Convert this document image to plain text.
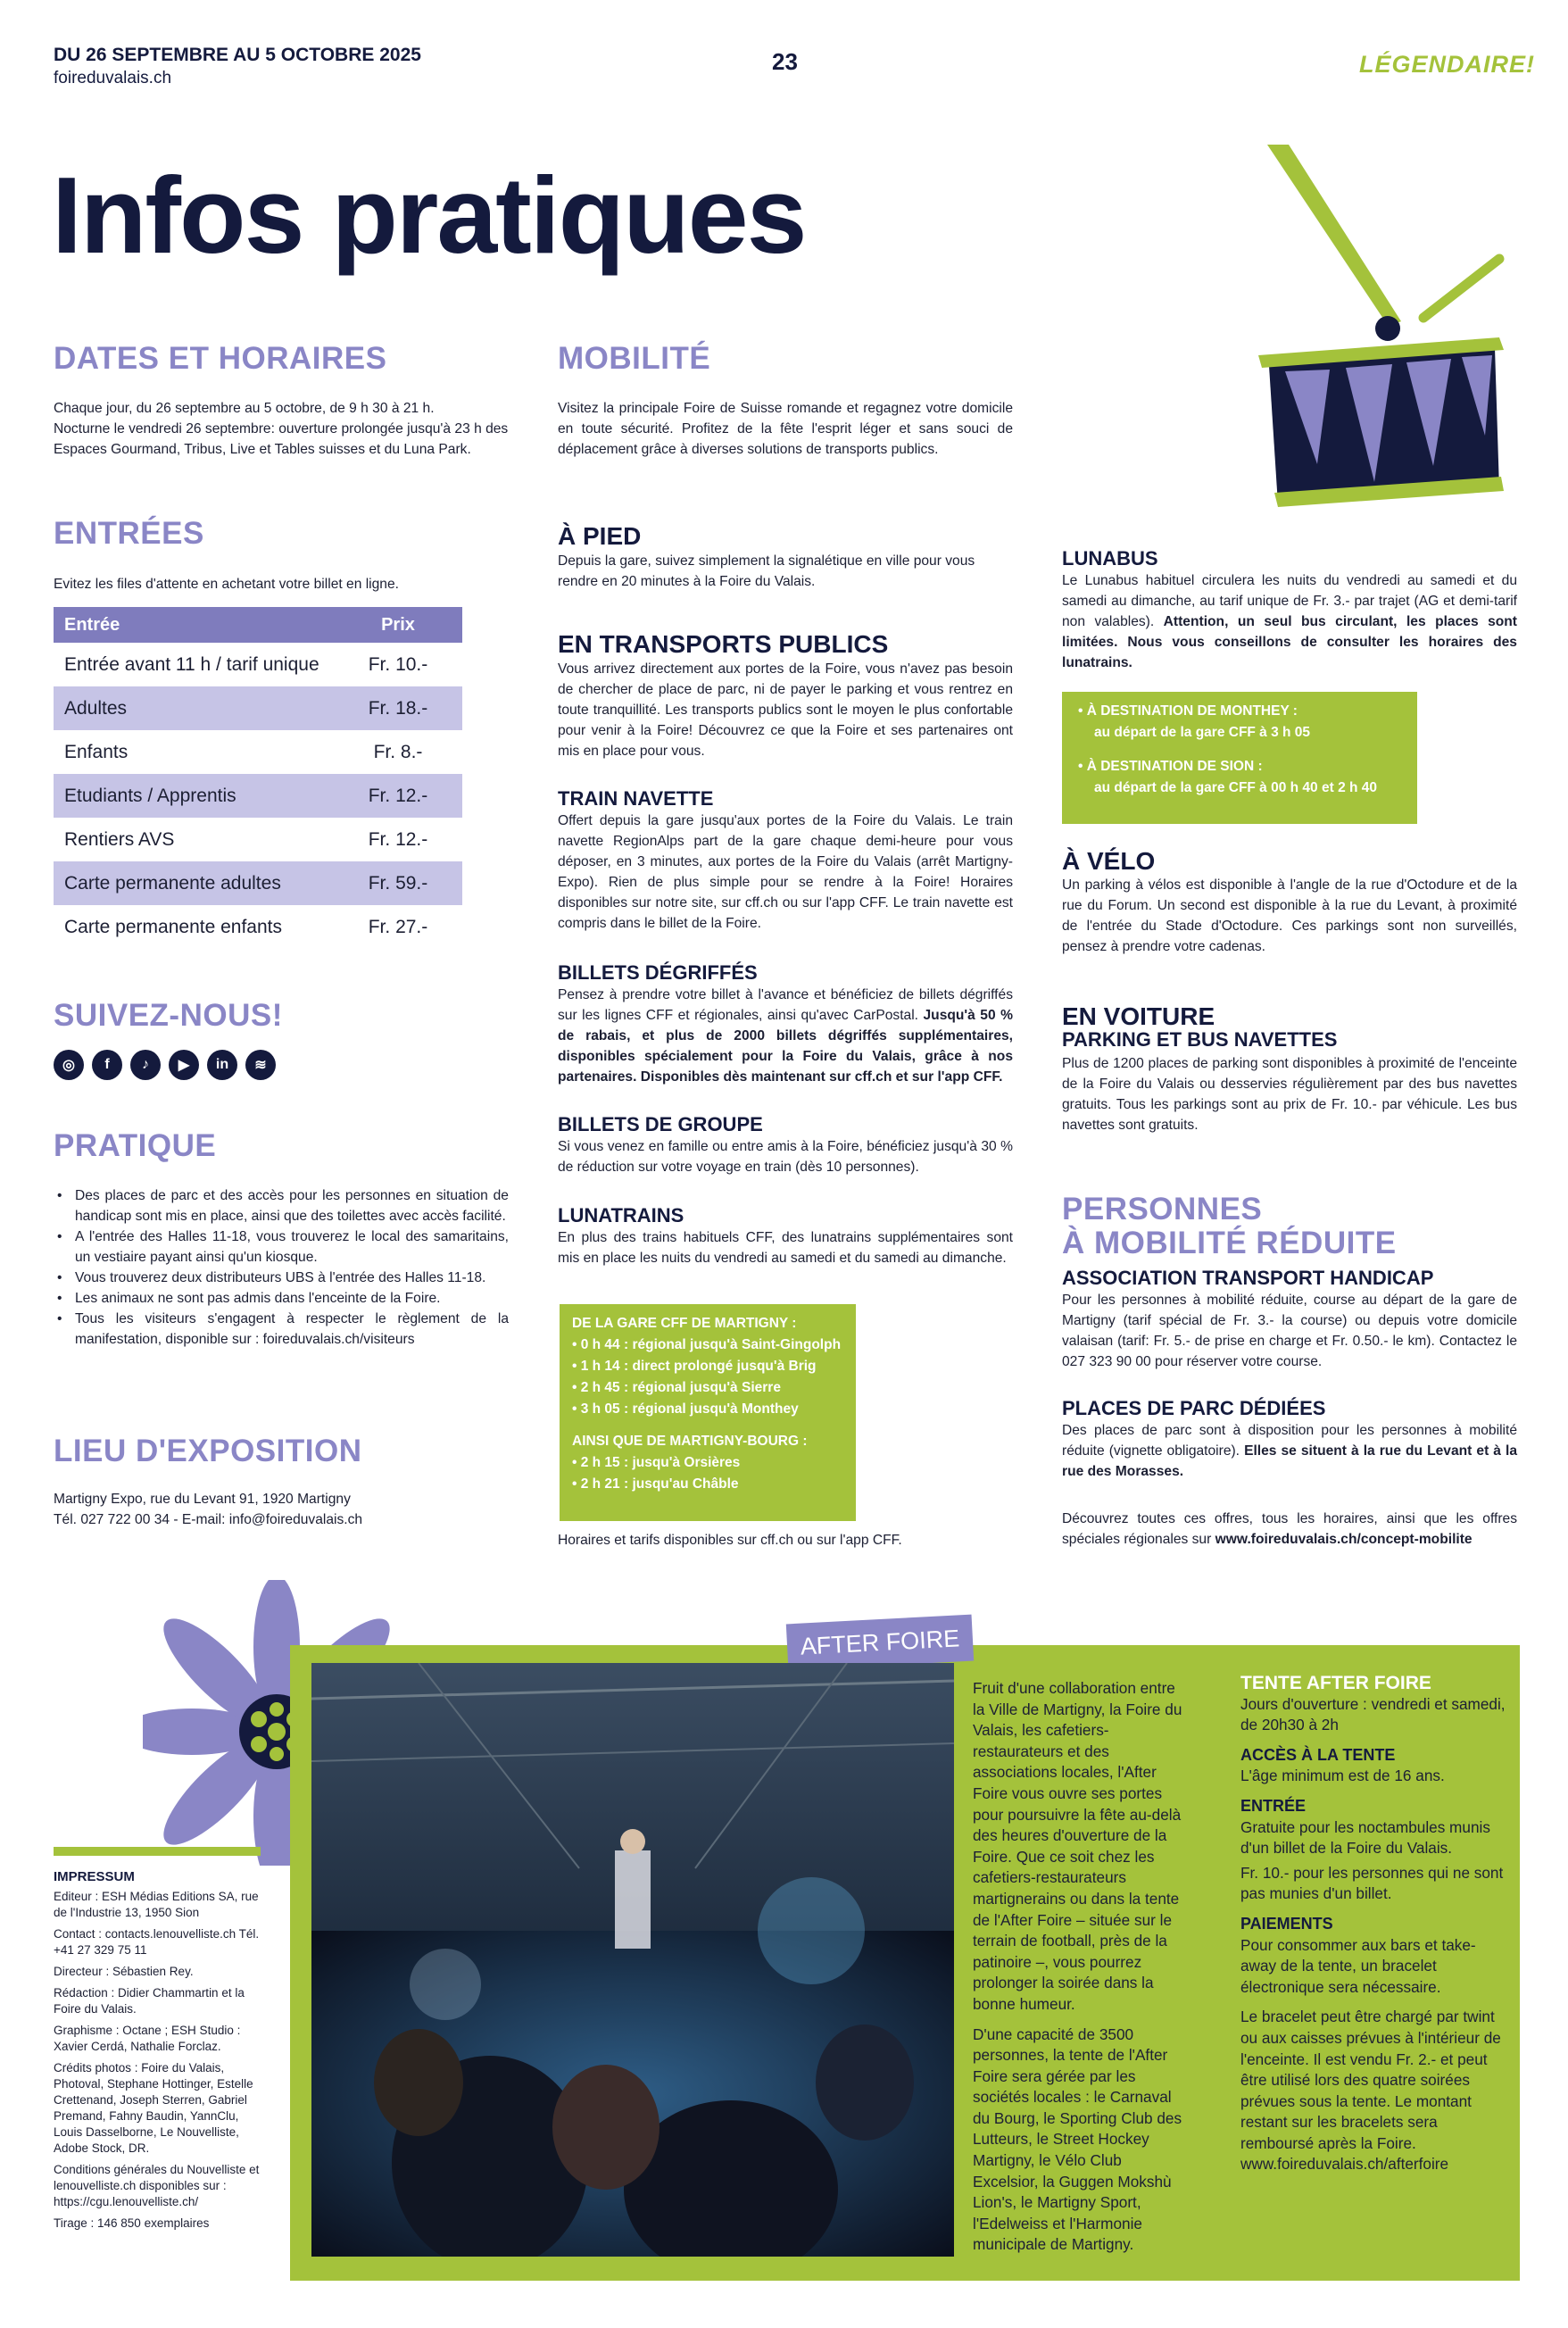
DU 26 SEPTEMBRE AU 5 OCTOBRE 2025
foireduvalais.ch
23	LÉGENDAIRE!
Infos pratiques
DATES ET HORAIRES
Chaque jour, du 26 septembre au 5 octobre, de 9 h 30 à 21 h.
Nocturne le vendredi 26 septembre: ouverture prolongée jusqu'à 23 h des Espaces Gourmand, Tribus, Live et Tables suisses et du Luna Park.
ENTRÉES
Evitez les files d'attente en achetant votre billet en ligne.
Entrée	Prix
Entrée avant 11 h / tarif unique	Fr. 10.-
Adultes	Fr. 18.-
Enfants	Fr. 8.-
Etudiants / Apprentis	Fr. 12.-
Rentiers AVS	Fr. 12.-
Carte permanente adultes	Fr. 59.-
Carte permanente enfants	Fr. 27.-
SUIVEZ-NOUS!
◎	f	♪	▶	in	≋
PRATIQUE
• Des places de parc et des accès pour les personnes en situation de handicap sont mis en place, ainsi que des toilettes avec accès facilité.
• A l'entrée des Halles 11-18, vous trouverez le local des samaritains, un vestiaire payant ainsi qu'un kiosque.
• Vous trouverez deux distributeurs UBS à l'entrée des Halles 11-18.
• Les animaux ne sont pas admis dans l'enceinte de la Foire.
• Tous les visiteurs s'engagent à respecter le règlement de la manifestation, disponible sur : foireduvalais.ch/visiteurs
LIEU D'EXPOSITION
Martigny Expo, rue du Levant 91, 1920 Martigny
Tél. 027 722 00 34 - E-mail: info@foireduvalais.ch
MOBILITÉ
Visitez la principale Foire de Suisse romande et regagnez votre domicile en toute sécurité. Profitez de la fête l'esprit léger et sans souci de déplacement grâce à diverses solutions de transports publics.
À PIED
Depuis la gare, suivez simplement la signalétique en ville pour vous rendre en 20 minutes à la Foire du Valais.
EN TRANSPORTS PUBLICS
Vous arrivez directement aux portes de la Foire, vous n'avez pas besoin de chercher de place de parc, ni de payer le parking et vous rentrez en toute tranquillité. Les transports publics sont le moyen le plus confortable pour venir à la Foire! Découvrez ce que la Foire et ses partenaires ont mis en place pour vous.
TRAIN NAVETTE
Offert depuis la gare jusqu'aux portes de la Foire du Valais. Le train navette RegionAlps part de la gare chaque demi-heure pour vous déposer, en 3 minutes, aux portes de la Foire du Valais (arrêt Martigny-Expo). Rien de plus simple pour se rendre à la Foire! Horaires disponibles sur notre site, sur cff.ch ou sur l'app CFF. Le train navette est compris dans le billet de la Foire.
BILLETS DÉGRIFFÉS
Pensez à prendre votre billet à l'avance et bénéficiez de billets dégriffés sur les lignes CFF et régionales, ainsi qu'avec CarPostal. Jusqu'à 50 % de rabais, et plus de 2000 billets dégriffés supplémentaires, disponibles spécialement pour la Foire du Valais, grâce à nos partenaires. Disponibles dès maintenant sur cff.ch et sur l'app CFF.
BILLETS DE GROUPE
Si vous venez en famille ou entre amis à la Foire, bénéficiez jusqu'à 30 % de réduction sur votre voyage en train (dès 10 personnes).
LUNATRAINS
En plus des trains habituels CFF, des lunatrains supplémentaires sont mis en place les nuits du vendredi au samedi et du samedi au dimanche.
DE LA GARE CFF DE MARTIGNY :
• 0 h 44 : régional jusqu'à Saint-Gingolph
• 1 h 14 : direct prolongé jusqu'à Brig
• 2 h 45 : régional jusqu'à Sierre
• 3 h 05 : régional jusqu'à Monthey
AINSI QUE DE MARTIGNY-BOURG :
• 2 h 15 : jusqu'à Orsières
• 2 h 21 : jusqu'au Châble
Horaires et tarifs disponibles sur cff.ch ou sur l'app CFF.
LUNABUS
Le Lunabus habituel circulera les nuits du vendredi au samedi et du samedi au dimanche, au tarif unique de Fr. 3.- par trajet (AG et demi-tarif non valables). Attention, un seul bus circulant, les places sont limitées. Nous vous conseillons de consulter les horaires des lunatrains.
• À DESTINATION DE MONTHEY :
au départ de la gare CFF à 3 h 05
• À DESTINATION DE SION :
au départ de la gare CFF à 00 h 40 et 2 h 40
À VÉLO
Un parking à vélos est disponible à l'angle de la rue d'Octodure et de la rue du Forum. Un second est disponible à la rue du Levant, à proximité de l'entrée du Stade d'Octodure. Ces parkings sont non surveillés, pensez à prendre votre cadenas.
EN VOITURE
PARKING ET BUS NAVETTES
Plus de 1200 places de parking sont disponibles à proximité de l'enceinte de la Foire du Valais ou desservies régulièrement par des bus navettes gratuits. Tous les parkings sont au prix de Fr. 10.- par véhicule. Les bus navettes sont gratuits.
PERSONNES
À MOBILITÉ RÉDUITE
ASSOCIATION TRANSPORT HANDICAP
Pour les personnes à mobilité réduite, course au départ de la gare de Martigny (tarif spécial de Fr. 3.- la course) ou depuis votre domicile valaisan (tarif: Fr. 5.- de prise en charge et Fr. 0.50.- le km). Contactez le 027 323 90 00 pour réserver votre course.
PLACES DE PARC DÉDIÉES
Des places de parc sont à disposition pour les personnes à mobilité réduite (vignette obligatoire). Elles se situent à la rue du Levant et à la rue des Morasses.
Découvrez toutes ces offres, tous les horaires, ainsi que les offres spéciales régionales sur www.foireduvalais.ch/concept-mobilite
IMPRESSUM

Editeur : ESH Médias Editions SA, rue de l'Industrie 13, 1950 Sion

Contact : contacts.lenouvelliste.ch Tél. +41 27 329 75 11

Directeur : Sébastien Rey.

Rédaction : Didier Chammartin et la Foire du Valais.

Graphisme : Octane ; ESH Studio : Xavier Cerdá, Nathalie Forclaz.

Crédits photos : Foire du Valais, Photoval, Stephane Hottinger, Estelle Crettenand, Joseph Sterren, Gabriel Premand, Fahny Baudin, YannClu, Louis Dasselborne, Le Nouvelliste, Adobe Stock, DR.

Conditions générales du Nouvelliste et lenouvelliste.ch disponibles sur : https://cgu.lenouvelliste.ch/

Tirage : 146 850 exemplaires

AFTER FOIRE

Fruit d'une collaboration entre la Ville de Martigny, la Foire du Valais, les cafetiers-restaurateurs et des associations locales, l'After Foire vous ouvre ses portes pour poursuivre la fête au-delà des heures d'ouverture de la Foire. Que ce soit chez les cafetiers-restaurateurs martignerains ou dans la tente de l'After Foire – située sur le terrain de football, près de la patinoire –, vous pourrez prolonger la soirée dans la bonne humeur.

D'une capacité de 3500 personnes, la tente de l'After Foire sera gérée par les sociétés locales : le Carnaval du Bourg, le Sporting Club des Lutteurs, le Street Hockey Martigny, le Vélo Club Excelsior, la Guggen Mokshù Lion's, le Martigny Sport, l'Edelweiss et l'Harmonie municipale de Martigny.

TENTE AFTER FOIRE

Jours d'ouverture : vendredi et samedi, de 20h30 à 2h

ACCÈS À LA TENTE

L'âge minimum est de 16 ans.

ENTRÉE

Gratuite pour les noctambules munis d'un billet de la Foire du Valais.

Fr. 10.- pour les personnes qui ne sont pas munies d'un billet.

PAIEMENTS

Pour consommer aux bars et take-away de la tente, un bracelet électronique sera nécessaire.

Le bracelet peut être chargé par twint ou aux caisses prévues à l'intérieur de l'enceinte. Il est vendu Fr. 2.- et peut être utilisé lors des quatre soirées prévues sous la tente. Le montant restant sur les bracelets sera remboursé après la Foire.

www.foireduvalais.ch/afterfoire
